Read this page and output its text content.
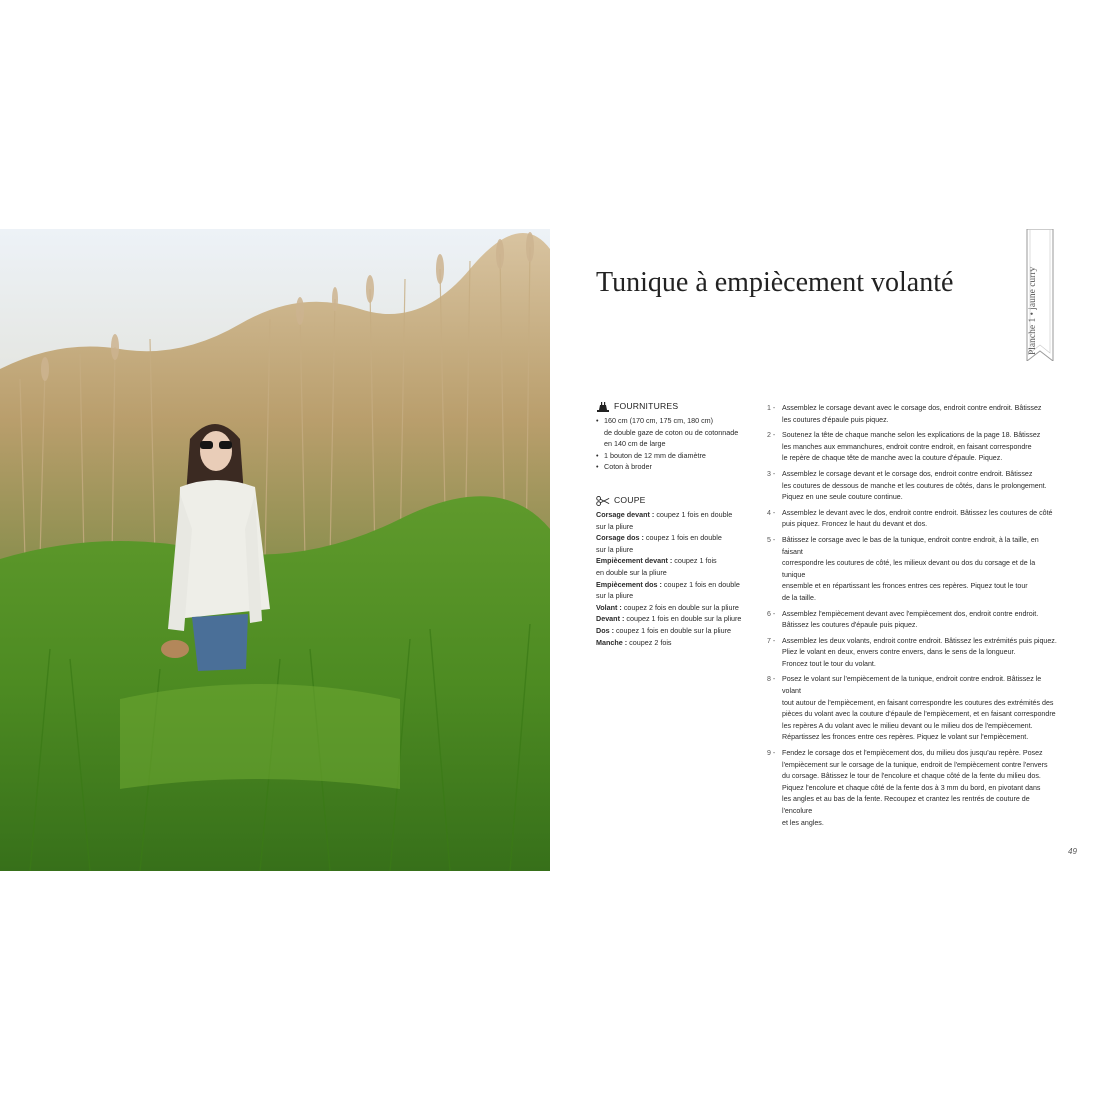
Tunique à empiècement volanté
FOURNITURES
• 160 cm (170 cm, 175 cm, 180 cm)
de double gaze de coton ou de cotonnade
en 140 cm de large
• 1 bouton de 12 mm de diamètre
• Coton à broder
COUPE
Corsage devant : coupez 1 fois en double
sur la pliure
Corsage dos : coupez 1 fois en double
sur la pliure
Empiècement devant : coupez 1 fois
en double sur la pliure
Empiècement dos : coupez 1 fois en double
sur la pliure
Volant : coupez 2 fois en double sur la pliure
Devant : coupez 1 fois en double sur la pliure
Dos : coupez 1 fois en double sur la pliure
Manche : coupez 2 fois
1 - Assemblez le corsage devant avec le corsage dos, endroit contre endroit. Bâtissez
les coutures d'épaule puis piquez.
2 - Soutenez la tête de chaque manche selon les explications de la page 18. Bâtissez
les manches aux emmanchures, endroit contre endroit, en faisant correspondre
le repère de chaque tête de manche avec la couture d'épaule. Piquez.
3 - Assemblez le corsage devant et le corsage dos, endroit contre endroit. Bâtissez
les coutures de dessous de manche et les coutures de côtés, dans le prolongement.
Piquez en une seule couture continue.
4 - Assemblez le devant avec le dos, endroit contre endroit. Bâtissez les coutures de côté
puis piquez. Froncez le haut du devant et dos.
5 - Bâtissez le corsage avec le bas de la tunique, endroit contre endroit, à la taille, en faisant
correspondre les coutures de côté, les milieux devant ou dos du corsage et de la tunique
ensemble et en répartissant les fronces entres ces repères. Piquez tout le tour
de la taille.
6 - Assemblez l'empiècement devant avec l'empiècement dos, endroit contre endroit.
Bâtissez les coutures d'épaule puis piquez.
7 - Assemblez les deux volants, endroit contre endroit. Bâtissez les extrémités puis piquez.
Pliez le volant en deux, envers contre envers, dans le sens de la longueur.
Froncez tout le tour du volant.
8 - Posez le volant sur l'empiècement de la tunique, endroit contre endroit. Bâtissez le volant
tout autour de l'empiècement, en faisant correspondre les coutures des extrémités des
pièces du volant avec la couture d'épaule de l'empiècement, et en faisant correspondre
les repères A du volant avec le milieu devant ou le milieu dos de l'empiècement.
Répartissez les fronces entre ces repères. Piquez le volant sur l'empiècement.
9 - Fendez le corsage dos et l'empiècement dos, du milieu dos jusqu'au repère. Posez
l'empiècement sur le corsage de la tunique, endroit de l'empiècement contre l'envers
du corsage. Bâtissez le tour de l'encolure et chaque côté de la fente du milieu dos.
Piquez l'encolure et chaque côté de la fente dos à 3 mm du bord, en pivotant dans
les angles et au bas de la fente. Recoupez et crantez les rentrés de couture de l'encolure
et les angles.
49
